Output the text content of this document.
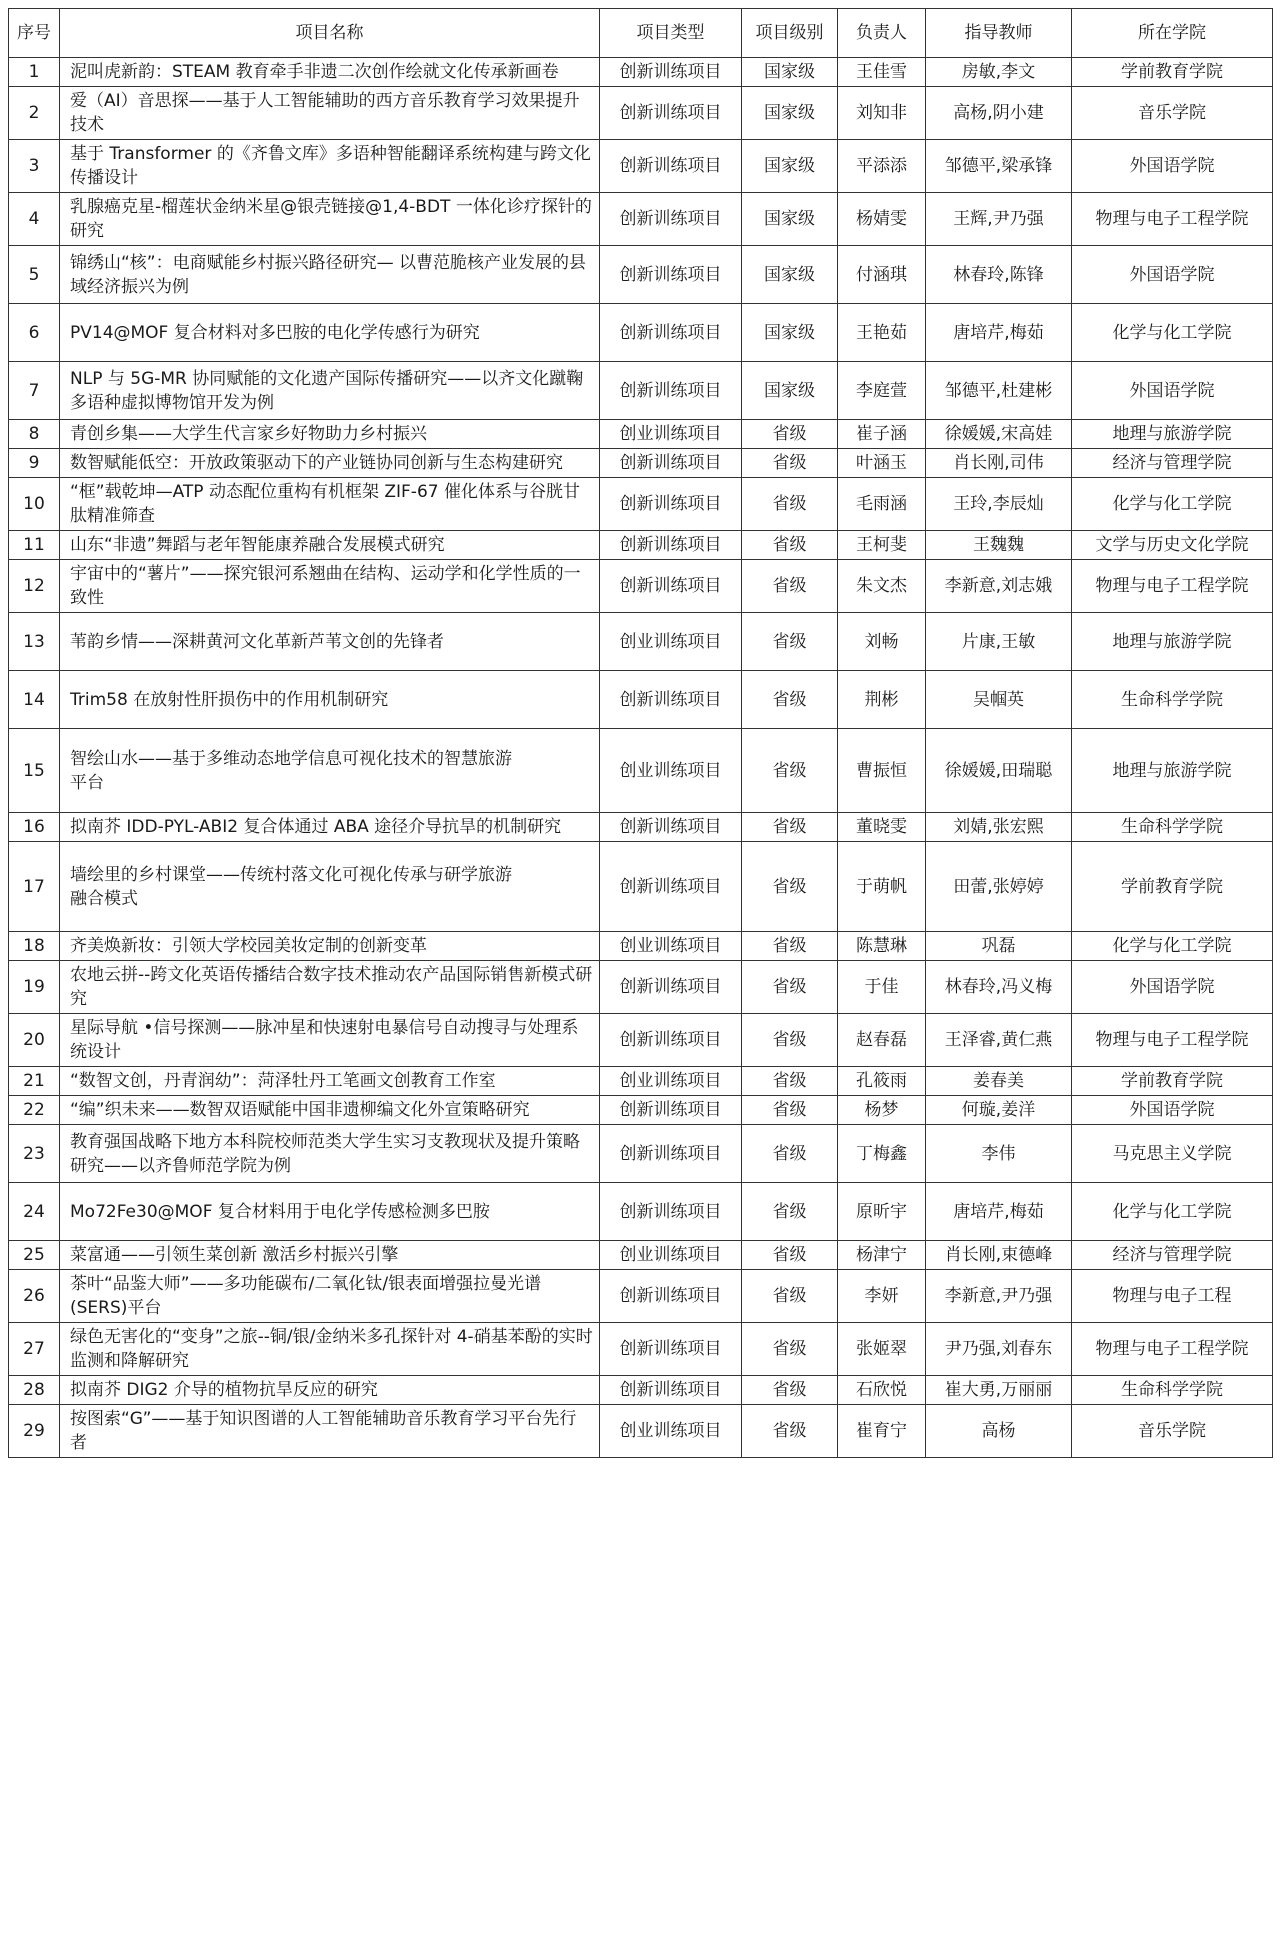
序号	项目名称	项目类型	项目级别	负责人	指导教师	所在学院
1	泥叫虎新韵：STEAM 教育牵手非遗二次创作绘就文化传承新画卷	创新训练项目	国家级	王佳雪	房敏,李文	学前教育学院
2	爱（AI）音思探——基于人工智能辅助的西方音乐教育学习效果提升技术	创新训练项目	国家级	刘知非	高杨,阴小建	音乐学院
3	基于 Transformer 的《齐鲁文库》多语种智能翻译系统构建与跨文化传播设计	创新训练项目	国家级	平添添	邹德平,梁承锋	外国语学院
4	乳腺癌克星-榴莲状金纳米星@银壳链接@1,4-BDT 一体化诊疗探针的研究	创新训练项目	国家级	杨婧雯	王辉,尹乃强	物理与电子工程学院
5	锦绣山“核”：电商赋能乡村振兴路径研究— 以曹范脆核产业发展的县域经济振兴为例	创新训练项目	国家级	付涵琪	林春玲,陈锋	外国语学院
6	PV14@MOF 复合材料对多巴胺的电化学传感行为研究	创新训练项目	国家级	王艳茹	唐培芹,梅茹	化学与化工学院
7	NLP 与 5G-MR 协同赋能的文化遗产国际传播研究——以齐文化蹴鞠多语种虚拟博物馆开发为例	创新训练项目	国家级	李庭萱	邹德平,杜建彬	外国语学院
8	青创乡集——大学生代言家乡好物助力乡村振兴	创业训练项目	省级	崔子涵	徐媛媛,宋高娃	地理与旅游学院
9	数智赋能低空：开放政策驱动下的产业链协同创新与生态构建研究	创新训练项目	省级	叶涵玉	肖长刚,司伟	经济与管理学院
10	“框”载乾坤—ATP 动态配位重构有机框架 ZIF-67 催化体系与谷胱甘肽精准筛查	创新训练项目	省级	毛雨涵	王玲,李辰灿	化学与化工学院
11	山东“非遗”舞蹈与老年智能康养融合发展模式研究	创新训练项目	省级	王柯斐	王魏魏	文学与历史文化学院
12	宇宙中的“薯片”——探究银河系翘曲在结构、运动学和化学性质的一致性	创新训练项目	省级	朱文杰	李新意,刘志娥	物理与电子工程学院
13	苇韵乡情——深耕黄河文化革新芦苇文创的先锋者	创业训练项目	省级	刘畅	片康,王敏	地理与旅游学院
14	Trim58 在放射性肝损伤中的作用机制研究	创新训练项目	省级	荆彬	吴帼英	生命科学学院
15	智绘山水——基于多维动态地学信息可视化技术的智慧旅游
平台	创业训练项目	省级	曹振恒	徐媛媛,田瑞聪	地理与旅游学院
16	拟南芥 IDD-PYL-ABI2 复合体通过 ABA 途径介导抗旱的机制研究	创新训练项目	省级	董晓雯	刘婧,张宏熙	生命科学学院
17	墙绘里的乡村课堂——传统村落文化可视化传承与研学旅游
融合模式	创新训练项目	省级	于萌帆	田蕾,张婷婷	学前教育学院
18	齐美焕新妆：引领大学校园美妆定制的创新变革	创业训练项目	省级	陈慧琳	巩磊	化学与化工学院
19	农地云拼--跨文化英语传播结合数字技术推动农产品国际销售新模式研究	创新训练项目	省级	于佳	林春玲,冯义梅	外国语学院
20	星际导航 •信号探测——脉冲星和快速射电暴信号自动搜寻与处理系统设计	创新训练项目	省级	赵春磊	王泽睿,黄仁燕	物理与电子工程学院
21	“数智文创，丹青润幼”：菏泽牡丹工笔画文创教育工作室	创业训练项目	省级	孔筱雨	姜春美	学前教育学院
22	“编”织未来——数智双语赋能中国非遗柳编文化外宣策略研究	创新训练项目	省级	杨梦	何璇,姜洋	外国语学院
23	教育强国战略下地方本科院校师范类大学生实习支教现状及提升策略研究——以齐鲁师范学院为例	创新训练项目	省级	丁梅鑫	李伟	马克思主义学院
24	Mo72Fe30@MOF 复合材料用于电化学传感检测多巴胺	创新训练项目	省级	原昕宇	唐培芹,梅茹	化学与化工学院
25	菜富通——引领生菜创新 激活乡村振兴引擎	创业训练项目	省级	杨津宁	肖长刚,束德峰	经济与管理学院
26	茶叶“品鉴大师”——多功能碳布/二氧化钛/银表面增强拉曼光谱(SERS)平台	创新训练项目	省级	李妍	李新意,尹乃强	物理与电子工程
27	绿色无害化的“变身”之旅--铜/银/金纳米多孔探针对 4-硝基苯酚的实时监测和降解研究	创新训练项目	省级	张姬翠	尹乃强,刘春东	物理与电子工程学院
28	拟南芥 DIG2 介导的植物抗旱反应的研究	创新训练项目	省级	石欣悦	崔大勇,万丽丽	生命科学学院
29	按图索“G”——基于知识图谱的人工智能辅助音乐教育学习平台先行者	创业训练项目	省级	崔育宁	高杨	音乐学院
